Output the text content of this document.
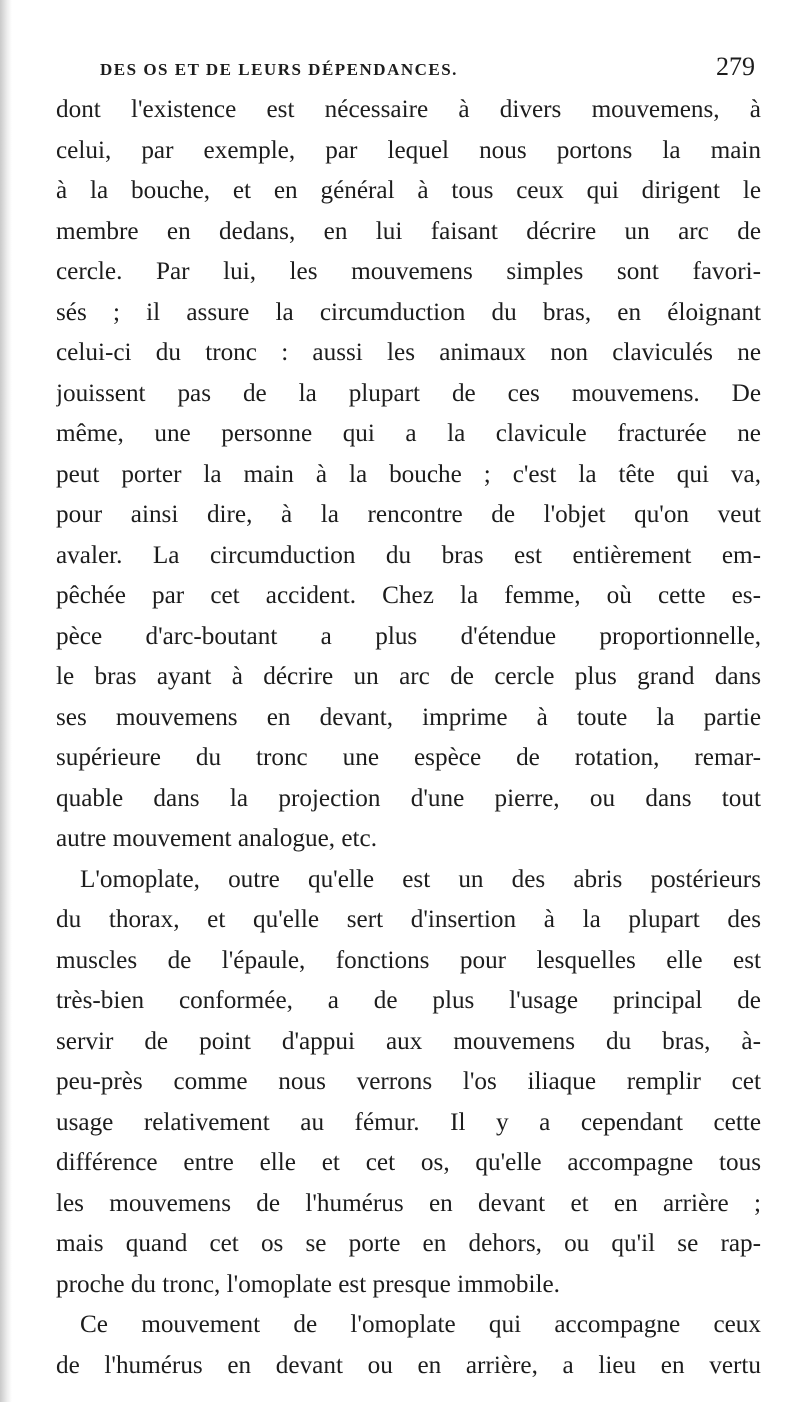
DES OS ET DE LEURS DÉPENDANCES.	279
dont l'existence est nécessaire à divers mouvemens, à
celui, par exemple, par lequel nous portons la main
à la bouche, et en général à tous ceux qui dirigent le
membre en dedans, en lui faisant décrire un arc de
cercle. Par lui, les mouvemens simples sont favori-
sés ; il assure la circumduction du bras, en éloignant
celui-ci du tronc : aussi les animaux non claviculés ne
jouissent pas de la plupart de ces mouvemens. De
même, une personne qui a la clavicule fracturée ne
peut porter la main à la bouche ; c'est la tête qui va,
pour ainsi dire, à la rencontre de l'objet qu'on veut
avaler. La circumduction du bras est entièrement em-
pêchée par cet accident. Chez la femme, où cette es-
pèce d'arc-boutant a plus d'étendue proportionnelle,
le bras ayant à décrire un arc de cercle plus grand dans
ses mouvemens en devant, imprime à toute la partie
supérieure du tronc une espèce de rotation, remar-
quable dans la projection d'une pierre, ou dans tout
autre mouvement analogue, etc.
L'omoplate, outre qu'elle est un des abris postérieurs
du thorax, et qu'elle sert d'insertion à la plupart des
muscles de l'épaule, fonctions pour lesquelles elle est
très-bien conformée, a de plus l'usage principal de
servir de point d'appui aux mouvemens du bras, à-
peu-près comme nous verrons l'os iliaque remplir cet
usage relativement au fémur. Il y a cependant cette
différence entre elle et cet os, qu'elle accompagne tous
les mouvemens de l'humérus en devant et en arrière ;
mais quand cet os se porte en dehors, ou qu'il se rap-
proche du tronc, l'omoplate est presque immobile.
Ce mouvement de l'omoplate qui accompagne ceux
de l'humérus en devant ou en arrière, a lieu en vertu
